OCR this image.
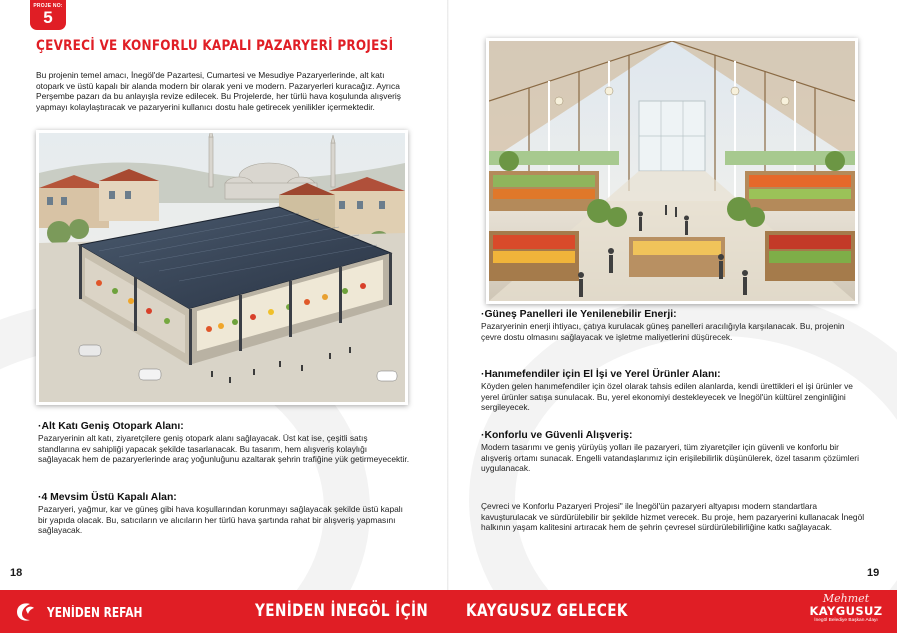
PROJE NO:
5
ÇEVRECİ VE KONFORLU KAPALI PAZARYERİ PROJESİ

Bu projenin temel amacı, İnegöl'de Pazartesi, Cumartesi ve Mesudiye Pazaryerlerinde, alt katı otopark ve üstü kapalı bir alanda modern bir olarak yeni ve modern. Pazaryerleri kuracağız. Ayrıca Perşembe pazarı da bu anlayışla revize edilecek. Bu Projelerde, her türlü hava koşulunda alışveriş yapmayı kolaylaştıracak ve pazaryerini kullanıcı dostu hale getirecek yenilikler içermektedir.

·Alt Katı Geniş Otopark Alanı:

Pazaryerinin alt katı, ziyaretçilere geniş otopark alanı sağlayacak. Üst kat ise, çeşitli satış standlarına ev sahipliği yapacak şekilde tasarlanacak. Bu tasarım, hem alışveriş kolaylığı sağlayacak hem de pazaryerlerinde araç yoğunluğunu azaltarak şehrin trafiğine yük getirmeyecektir.

·4 Mevsim Üstü Kapalı Alan:

Pazaryeri, yağmur, kar ve güneş gibi hava koşullarından korunmayı sağlayacak şekilde üstü kapalı bir yapıda olacak. Bu, satıcıların ve alıcıların her türlü hava şartında rahat bir alışveriş yapmasını sağlayacak.

18
·Güneş Panelleri ile Yenilenebilir Enerji:

Pazaryerinin enerji ihtiyacı, çatıya kurulacak güneş panelleri aracılığıyla karşılanacak. Bu, projenin çevre dostu olmasını sağlayacak ve işletme maliyetlerini düşürecek.

·Hanımefendiler için El İşi ve Yerel Ürünler Alanı:

Köyden gelen hanımefendiler için özel olarak tahsis edilen alanlarda, kendi ürettikleri el işi ürünler ve yerel ürünler satışa sunulacak. Bu, yerel ekonomiyi destekleyecek ve İnegöl'ün kültürel zenginliğini sergileyecek.

·Konforlu ve Güvenli Alışveriş:

Modern tasarımı ve geniş yürüyüş yolları ile pazaryeri, tüm ziyaretçiler için güvenli ve konforlu bir alışveriş ortamı sunacak. Engelli vatandaşlarımız için erişilebilirlik düşünülerek, özel tasarım çözümleri uygulanacak.

Çevreci ve Konforlu Pazaryeri Projesi" ile İnegöl'ün pazaryeri altyapısı modern standartlara kavuşturulacak ve sürdürülebilir bir şekilde hizmet verecek. Bu proje, hem pazaryerini kullanacak İnegöl halkının yaşam kalitesini artıracak hem de şehrin çevresel sürdürülebilirliğine katkı sağlayacak.

19
YENİDEN REFAH	YENİDEN İNEGÖL İÇİN KAYGUSUZ GELECEK
Mehmet
KAYGUSUZ
İnegöl Belediye Başkan Adayı
